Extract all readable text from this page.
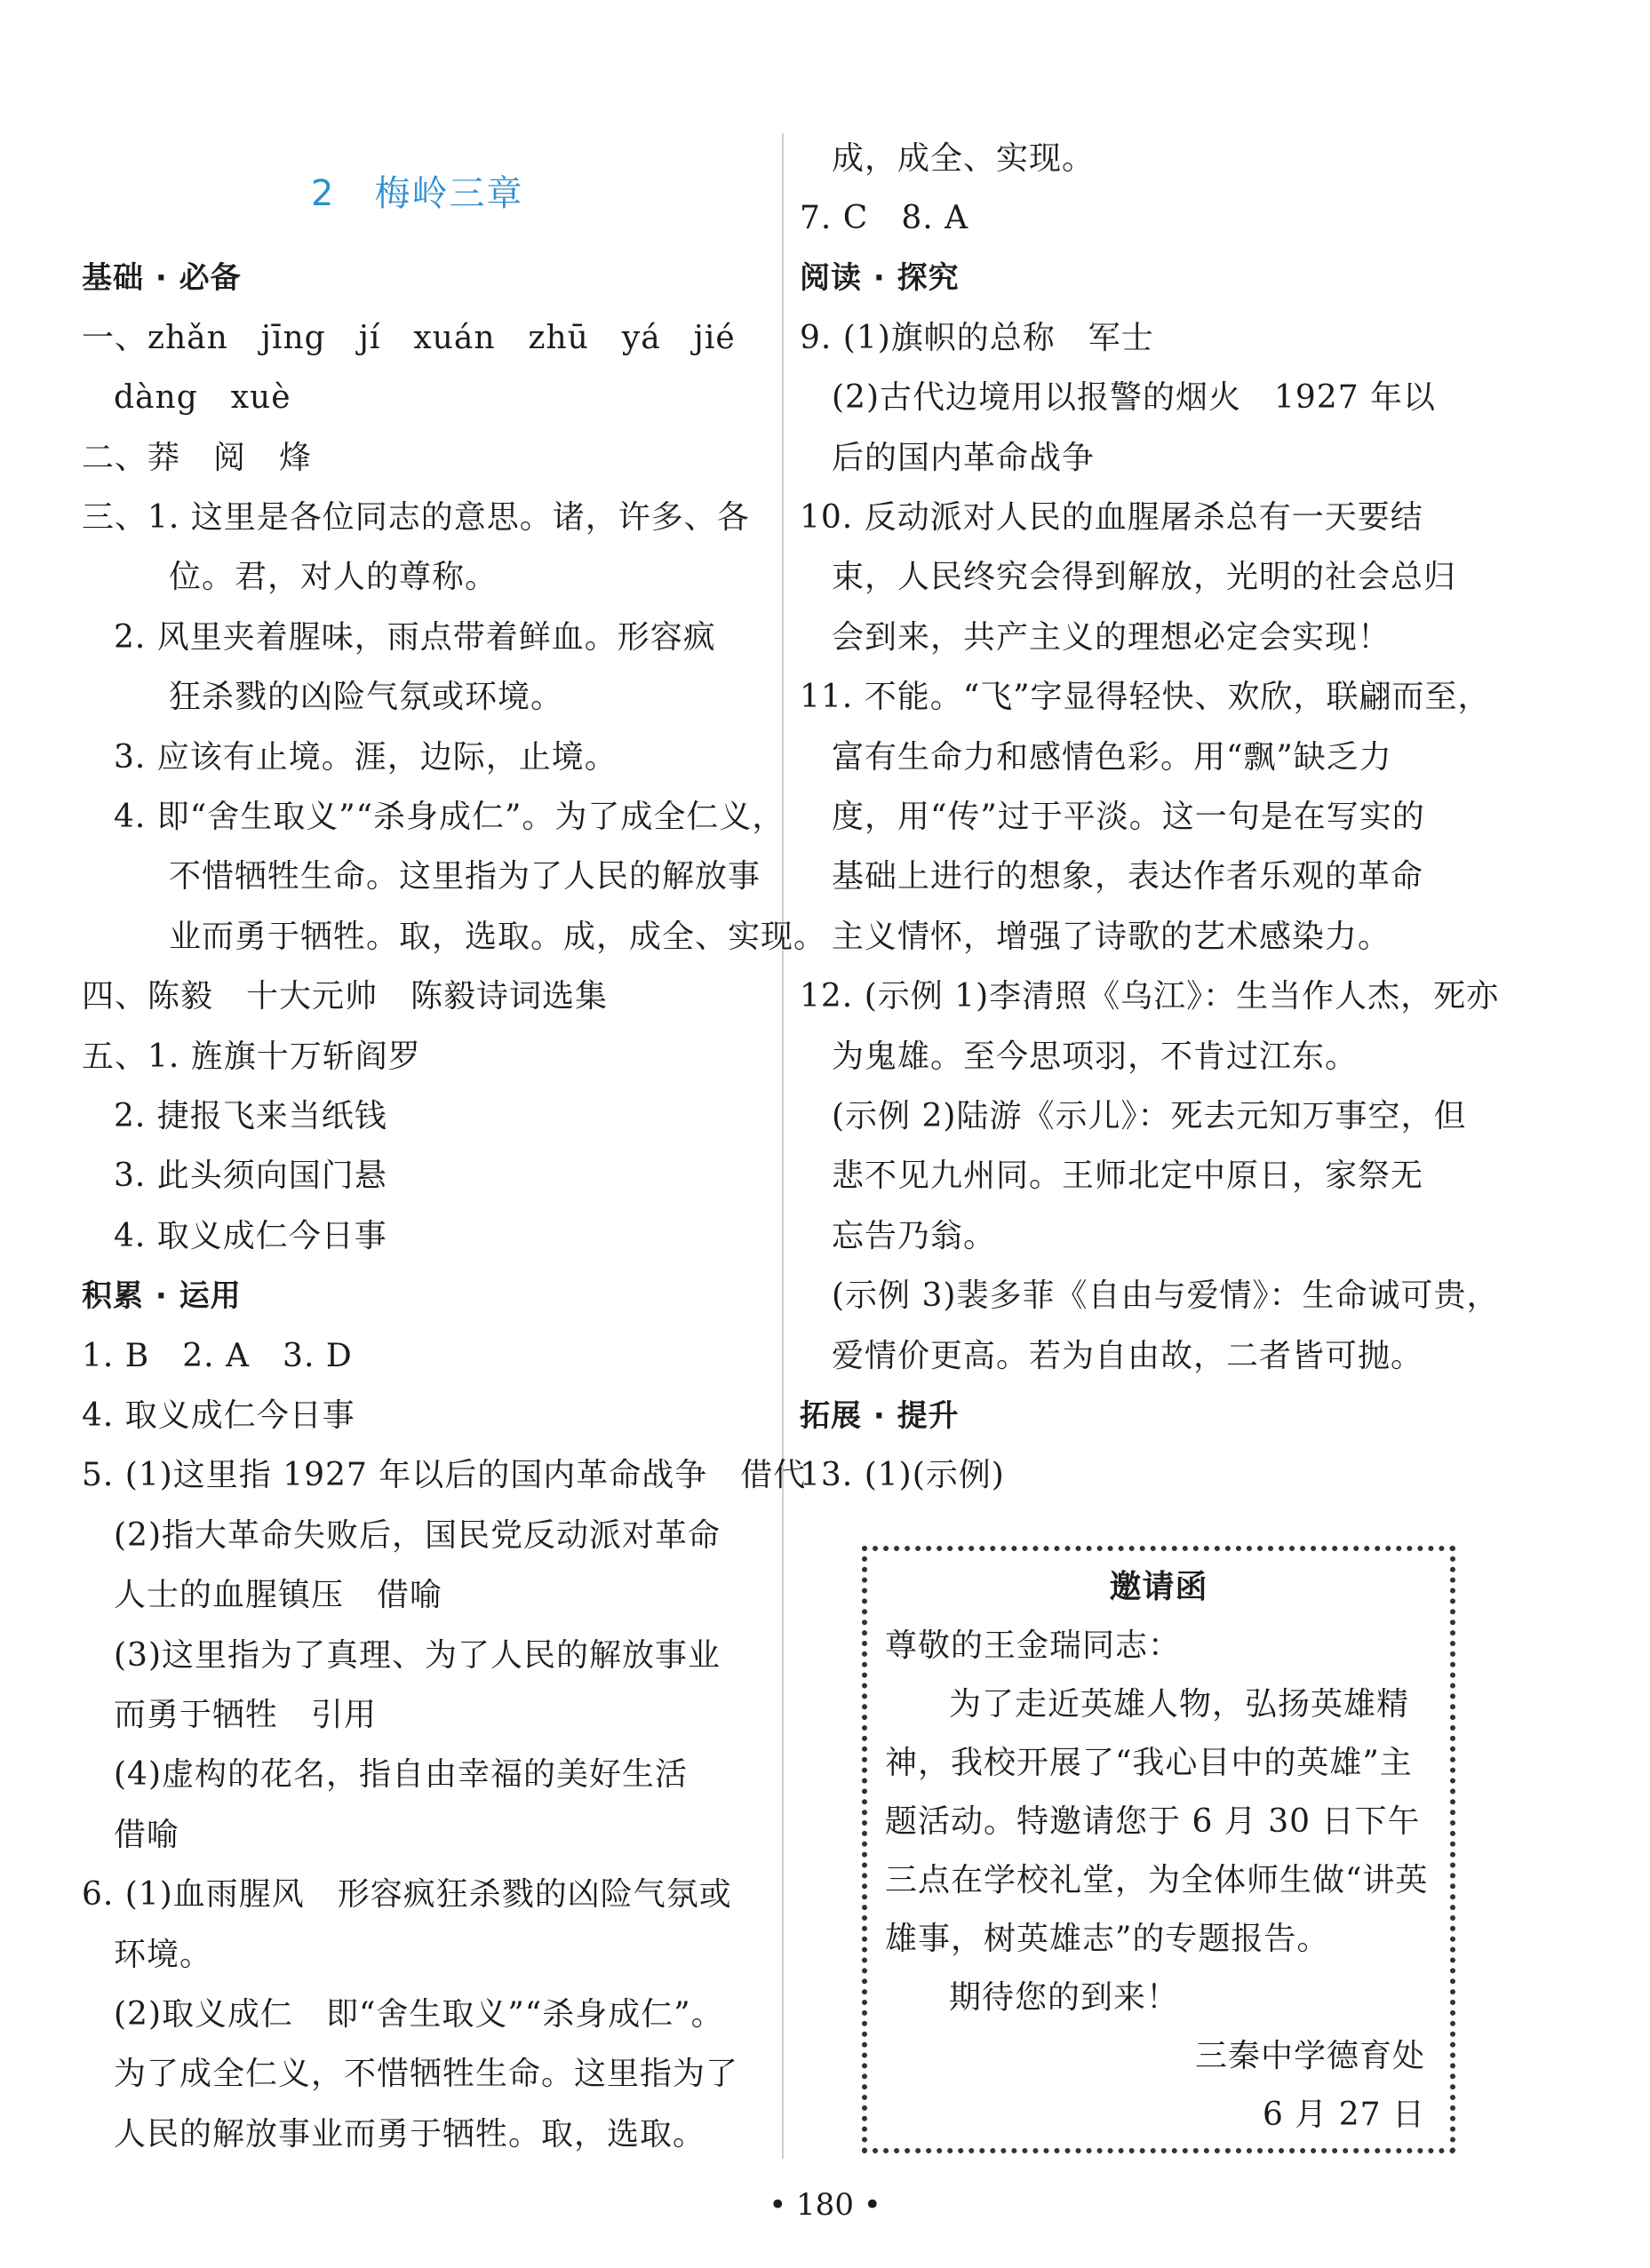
2 梅岭三章
基础 · 必备
一、zhǎn　jīng　jí　xuán　zhū　yá　jié
dàng　xuè
二、莽　阅　烽
三、1. 这里是各位同志的意思。诸，许多、各
位。君，对人的尊称。
2. 风里夹着腥味，雨点带着鲜血。形容疯
狂杀戮的凶险气氛或环境。
3. 应该有止境。涯，边际，止境。
4. 即“舍生取义”“杀身成仁”。为了成全仁义，
不惜牺牲生命。这里指为了人民的解放事
业而勇于牺牲。取，选取。成，成全、实现。
四、陈毅　十大元帅　陈毅诗词选集
五、1. 旌旗十万斩阎罗
2. 捷报飞来当纸钱
3. 此头须向国门悬
4. 取义成仁今日事
积累 · 运用
1. B　2. A　3. D
4. 取义成仁今日事
5. (1)这里指 1927 年以后的国内革命战争　借代
(2)指大革命失败后，国民党反动派对革命
人士的血腥镇压　借喻
(3)这里指为了真理、为了人民的解放事业
而勇于牺牲　引用
(4)虚构的花名，指自由幸福的美好生活
借喻
6. (1)血雨腥风　形容疯狂杀戮的凶险气氛或
环境。
(2)取义成仁　即“舍生取义”“杀身成仁”。
为了成全仁义，不惜牺牲生命。这里指为了
人民的解放事业而勇于牺牲。取，选取。
成，成全、实现。
7. C　8. A
阅读 · 探究
9. (1)旗帜的总称　军士
(2)古代边境用以报警的烟火　1927 年以
后的国内革命战争
10. 反动派对人民的血腥屠杀总有一天要结
束，人民终究会得到解放，光明的社会总归
会到来，共产主义的理想必定会实现！
11. 不能。“飞”字显得轻快、欢欣，联翩而至，
富有生命力和感情色彩。用“飘”缺乏力
度，用“传”过于平淡。这一句是在写实的
基础上进行的想象，表达作者乐观的革命
主义情怀，增强了诗歌的艺术感染力。
12. (示例 1)李清照《乌江》：生当作人杰，死亦
为鬼雄。至今思项羽，不肯过江东。
(示例 2)陆游《示儿》：死去元知万事空，但
悲不见九州同。王师北定中原日，家祭无
忘告乃翁。
(示例 3)裴多菲《自由与爱情》：生命诚可贵，
爱情价更高。若为自由故，二者皆可抛。
拓展 · 提升
13. (1)(示例)
邀请函
尊敬的王金瑞同志：
为了走近英雄人物，弘扬英雄精
神，我校开展了“我心目中的英雄”主
题活动。特邀请您于 6 月 30 日下午
三点在学校礼堂，为全体师生做“讲英
雄事，树英雄志”的专题报告。
期待您的到来！
三秦中学德育处
6 月 27 日
• 180 •
